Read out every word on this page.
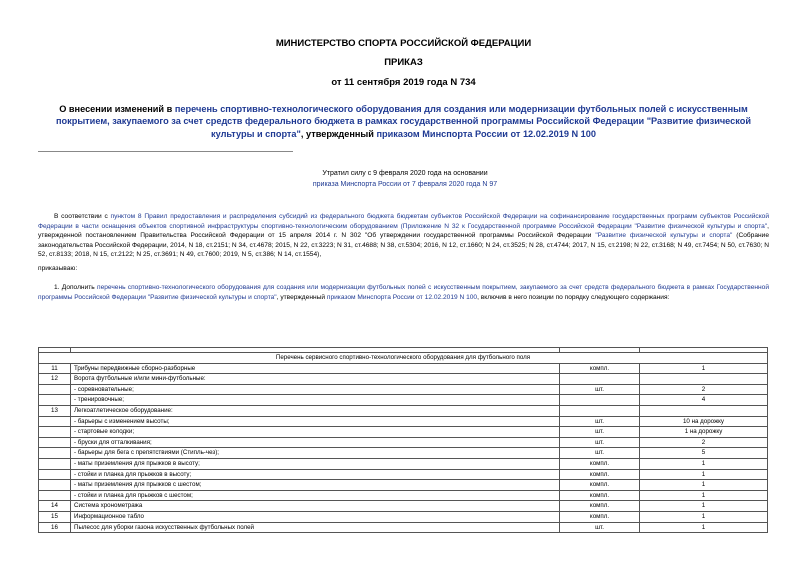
МИНИСТЕРСТВО СПОРТА РОССИЙСКОЙ ФЕДЕРАЦИИ
ПРИКАЗ
от 11 сентября 2019 года N 734
О внесении изменений в перечень спортивно-технологического оборудования для создания или модернизации футбольных полей с искусственным покрытием, закупаемого за счет средств федерального бюджета в рамках государственной программы Российской Федерации "Развитие физической культуры и спорта", утвержденный приказом Минспорта России от 12.02.2019 N 100
Утратил силу с 9 февраля 2020 года на основании
приказа Минспорта России от 7 февраля 2020 года N 97
В соответствии с пунктом 8 Правил предоставления и распределения субсидий из федерального бюджета бюджетам субъектов Российской Федерации на софинансирование государственных программ субъектов Российской Федерации в части оснащения объектов спортивной инфраструктуры спортивно-технологическим оборудованием (Приложение N 32 к Государственной программе Российской Федерации "Развитие физической культуры и спорта", утвержденной постановлением Правительства Российской Федерации от 15 апреля 2014 г. N 302 "Об утверждении государственной программы Российской Федерации "Развитие физической культуры и спорта" (Собрание законодательства Российской Федерации, 2014, N 18, ст.2151; N 34, ст.4678; 2015, N 22, ст.3223; N 31, ст.4688; N 38, ст.5304; 2016, N 12, ст.1660; N 24, ст.3525; N 28, ст.4744; 2017, N 15, ст.2198; N 22, ст.3168; N 49, ст.7454; N 50, ст.7630; N 52, ст.8133; 2018, N 15, ст.2122; N 25, ст.3691; N 49, ст.7600; 2019, N 5, ст.386; N 14, ст.1554),
приказываю:
1. Дополнить перечень спортивно-технологического оборудования для создания или модернизации футбольных полей с искусственным покрытием, закупаемого за счет средств федерального бюджета в рамках Государственной программы Российской Федерации "Развитие физической культуры и спорта", утвержденный приказом Минспорта России от 12.02.2019 N 100, включив в него позиции по порядку следующего содержания:

Перечень сервисного спортивно-технологического оборудования для футбольного поля			
11	Трибуны передвижные сборно-разборные	компл.	1
12	Ворота футбольные и/или мини-футбольные:		
	- соревновательные;	шт.	2
	- тренировочные;		4
13	Легкоатлетическое оборудование:		
	- барьеры с изменением высоты;	шт.	10 на дорожку
	- стартовые колодки;	шт.	1 на дорожку
	- бруски для отталкивания;	шт.	2
	- барьеры для бега с препятствиями (Стипль-чез);	шт.	5
	- маты приземления для прыжков в высоту;	компл.	1
	- стойки и планка для прыжков в высоту;	компл.	1
	- маты приземления для прыжков с шестом;	компл.	1
	- стойки и планка для прыжков с шестом;	компл.	1
14	Система хронометража	компл.	1
15	Информационное табло	компл.	1
16	Пылесос для уборки газона искусственных футбольных полей	шт.	1
